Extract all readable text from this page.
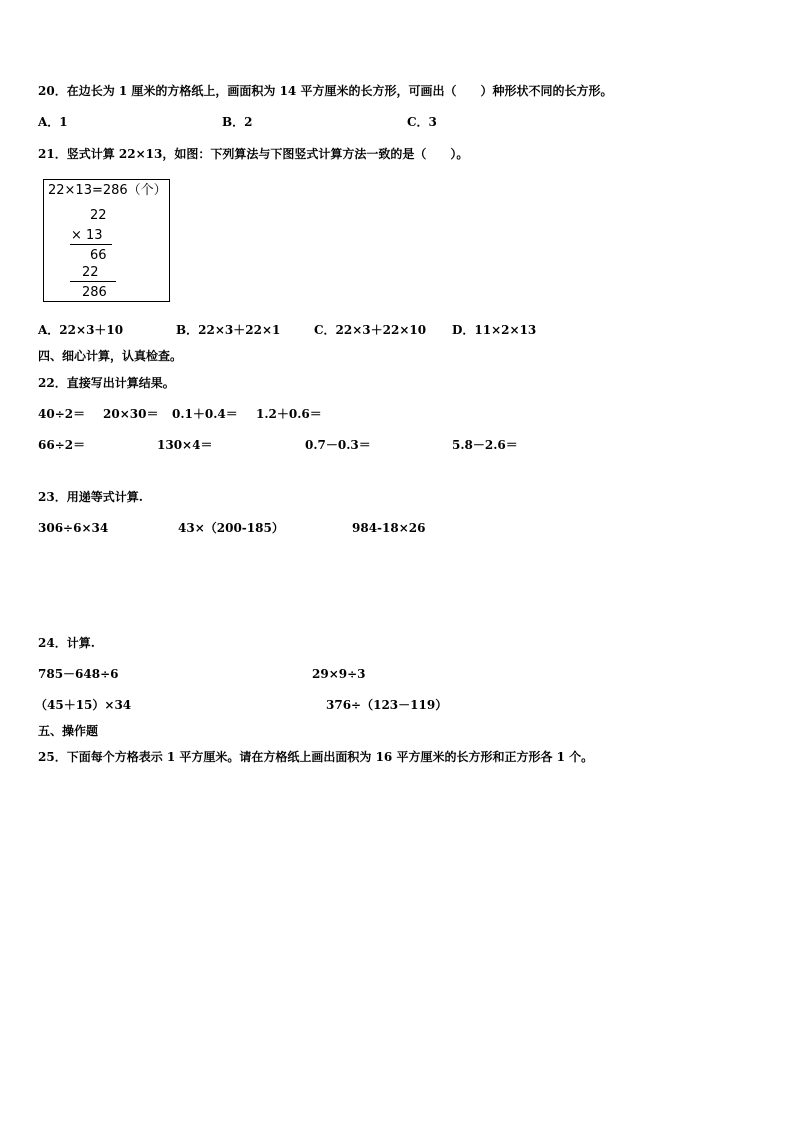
20．在边长为 1 厘米的方格纸上，画面积为 14 平方厘米的长方形，可画出（　　）种形状不同的长方形。
A．1	B．2	C．3
21．竖式计算 22×13，如图：下列算法与下图竖式计算方法一致的是（　　）。
22×13=286（个）
22
× 13
66
22
286
A．22×3＋10	B．22×3＋22×1	C．22×3＋22×10 D．11×2×13
四、细心计算，认真检查。
22．直接写出计算结果。
40÷2＝ 20×30＝ 0.1＋0.4＝ 1.2＋0.6＝
66÷2＝	130×4＝	0.7－0.3＝	5.8－2.6＝
23．用递等式计算.
306÷6×34	43×（200-185）	984-18×26
24．计算.
785－648÷6	29×9÷3
（45＋15）×34	376÷（123－119）
五、操作题
25．下面每个方格表示 1 平方厘米。请在方格纸上画出面积为 16 平方厘米的长方形和正方形各 1 个。
